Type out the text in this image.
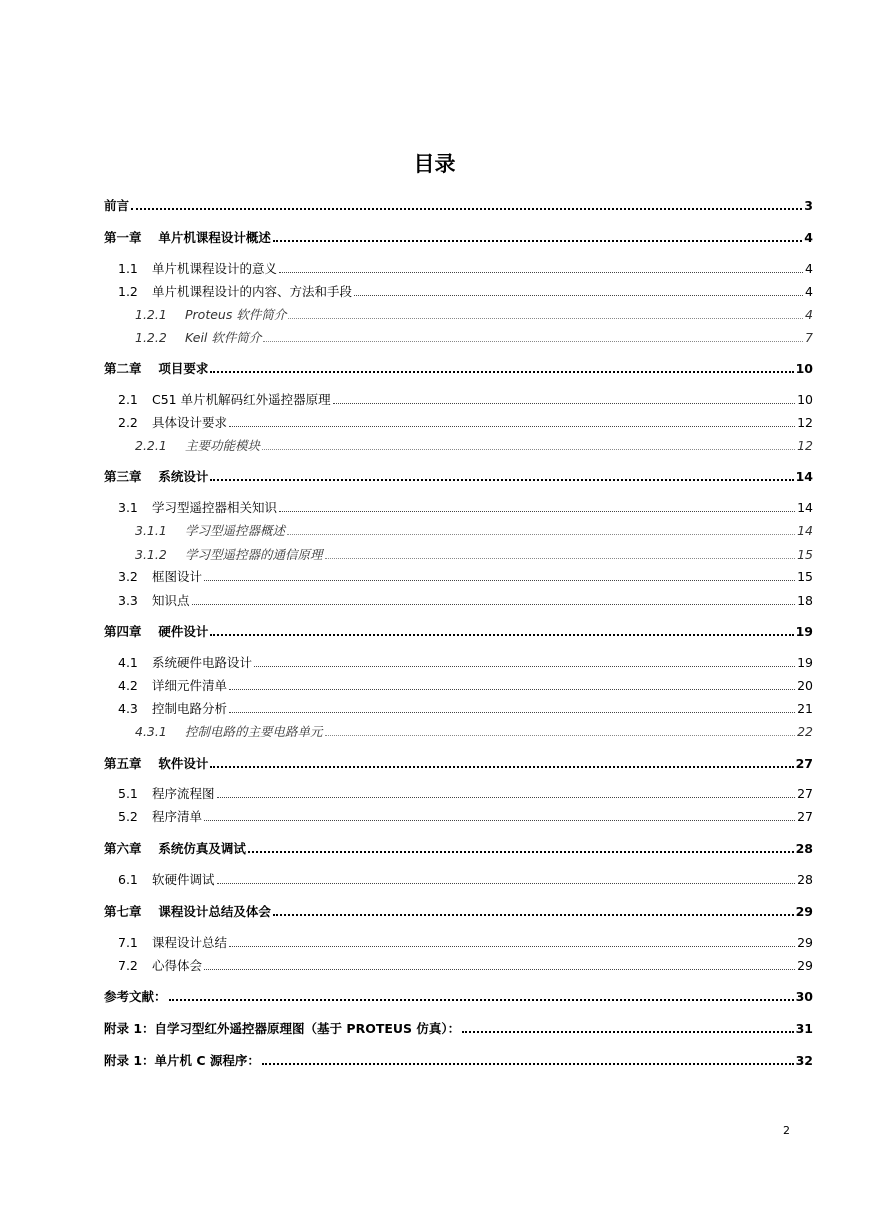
目录
前言	3
第一章　 单片机课程设计概述	4
1.1 单片机课程设计的意义	4
1.2 单片机课程设计的内容、方法和手段	4
1.2.1 Proteus 软件简介	4
1.2.2 Keil 软件简介	7
第二章　 项目要求	10
2.1 C51 单片机解码红外遥控器原理	10
2.2 具体设计要求	12
2.2.1 主要功能模块	12
第三章　 系统设计	14
3.1 学习型遥控器相关知识	14
3.1.1 学习型遥控器概述	14
3.1.2 学习型遥控器的通信原理	15
3.2 框图设计	15
3.3 知识点	18
第四章　 硬件设计	19
4.1 系统硬件电路设计	19
4.2 详细元件清单	20
4.3 控制电路分析	21
4.3.1 控制电路的主要电路单元	22
第五章　 软件设计	27
5.1 程序流程图	27
5.2 程序清单	27
第六章　 系统仿真及调试	28
6.1 软硬件调试	28
第七章　 课程设计总结及体会	29
7.1 课程设计总结	29
7.2 心得体会	29
参考文献：	30
附录 1：自学习型红外遥控器原理图（基于 PROTEUS 仿真）：	31
附录 1：单片机 C 源程序：	32
2
